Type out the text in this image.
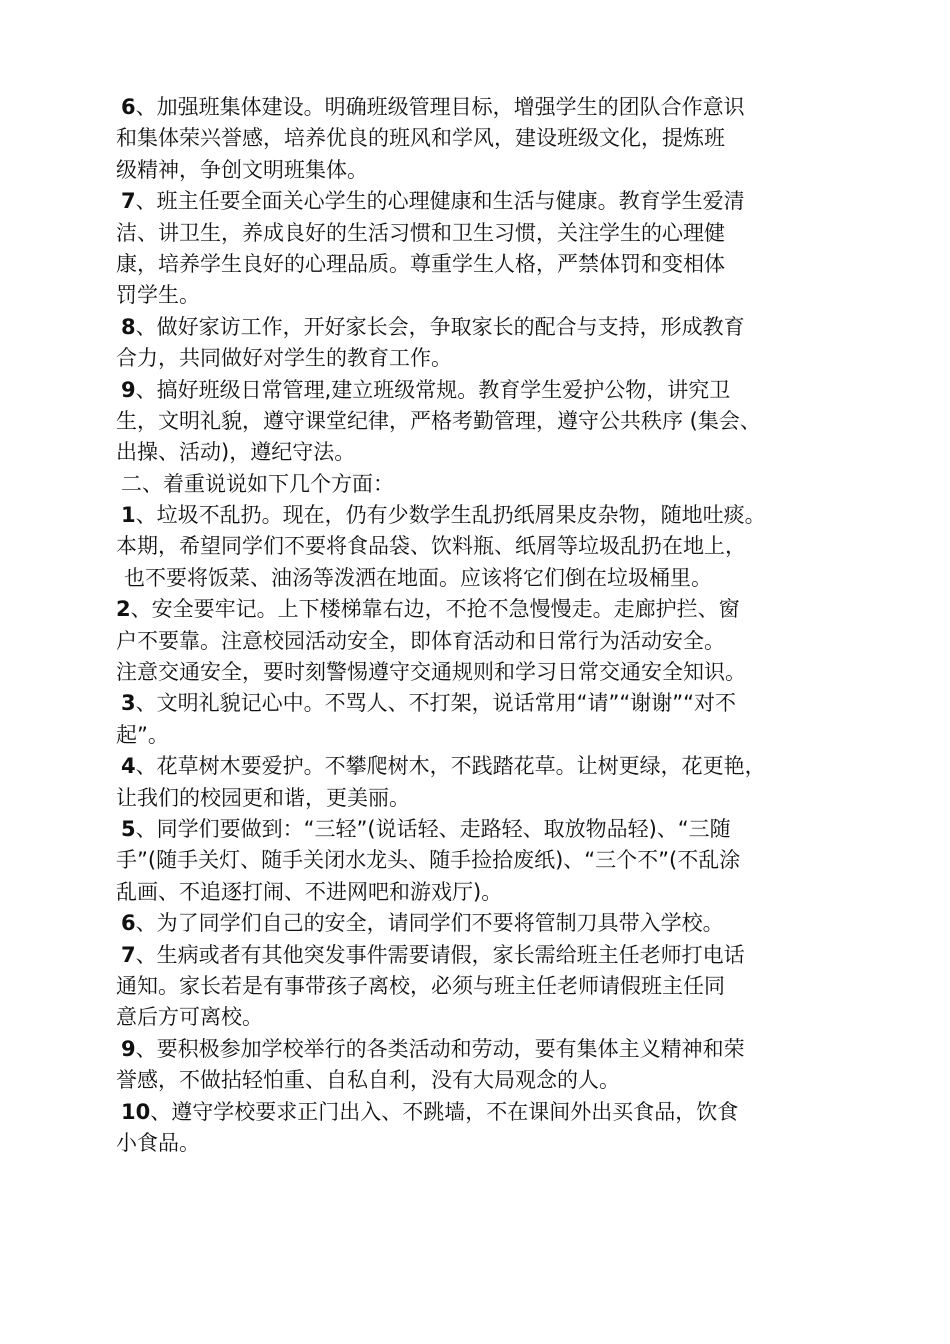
6、加强班集体建设。明确班级管理目标，增强学生的团队合作意识
和集体荣兴誉感，培养优良的班风和学风，建设班级文化，提炼班
级精神，争创文明班集体。
7、班主任要全面关心学生的心理健康和生活与健康。教育学生爱清
洁、讲卫生，养成良好的生活习惯和卫生习惯，关注学生的心理健
康，培养学生良好的心理品质。尊重学生人格，严禁体罚和变相体
罚学生。
8、做好家访工作，开好家长会，争取家长的配合与支持，形成教育
合力，共同做好对学生的教育工作。
9、搞好班级日常管理,建立班级常规。教育学生爱护公物，讲究卫
生，文明礼貌，遵守课堂纪律，严格考勤管理，遵守公共秩序 (集会、
出操、活动)，遵纪守法。
二、着重说说如下几个方面：
1、垃圾不乱扔。现在，仍有少数学生乱扔纸屑果皮杂物，随地吐痰。
本期，希望同学们不要将食品袋、饮料瓶、纸屑等垃圾乱扔在地上，
也不要将饭菜、油汤等泼洒在地面。应该将它们倒在垃圾桶里。
2、安全要牢记。上下楼梯靠右边，不抢不急慢慢走。走廊护拦、窗
户不要靠。注意校园活动安全，即体育活动和日常行为活动安全。
注意交通安全，要时刻警惕遵守交通规则和学习日常交通安全知识。
3、文明礼貌记心中。不骂人、不打架，说话常用“请”“谢谢”“对不
起”。
4、花草树木要爱护。不攀爬树木，不践踏花草。让树更绿，花更艳，
让我们的校园更和谐，更美丽。
5、同学们要做到：“三轻”(说话轻、走路轻、取放物品轻)、“三随
手”(随手关灯、随手关闭水龙头、随手捡拾废纸)、“三个不”(不乱涂
乱画、不追逐打闹、不进网吧和游戏厅)。
6、为了同学们自己的安全，请同学们不要将管制刀具带入学校。
7、生病或者有其他突发事件需要请假，家长需给班主任老师打电话
通知。家长若是有事带孩子离校，必须与班主任老师请假班主任同
意后方可离校。
9、要积极参加学校举行的各类活动和劳动，要有集体主义精神和荣
誉感，不做拈轻怕重、自私自利，没有大局观念的人。
10、遵守学校要求正门出入、不跳墙，不在课间外出买食品，饮食
小食品。
